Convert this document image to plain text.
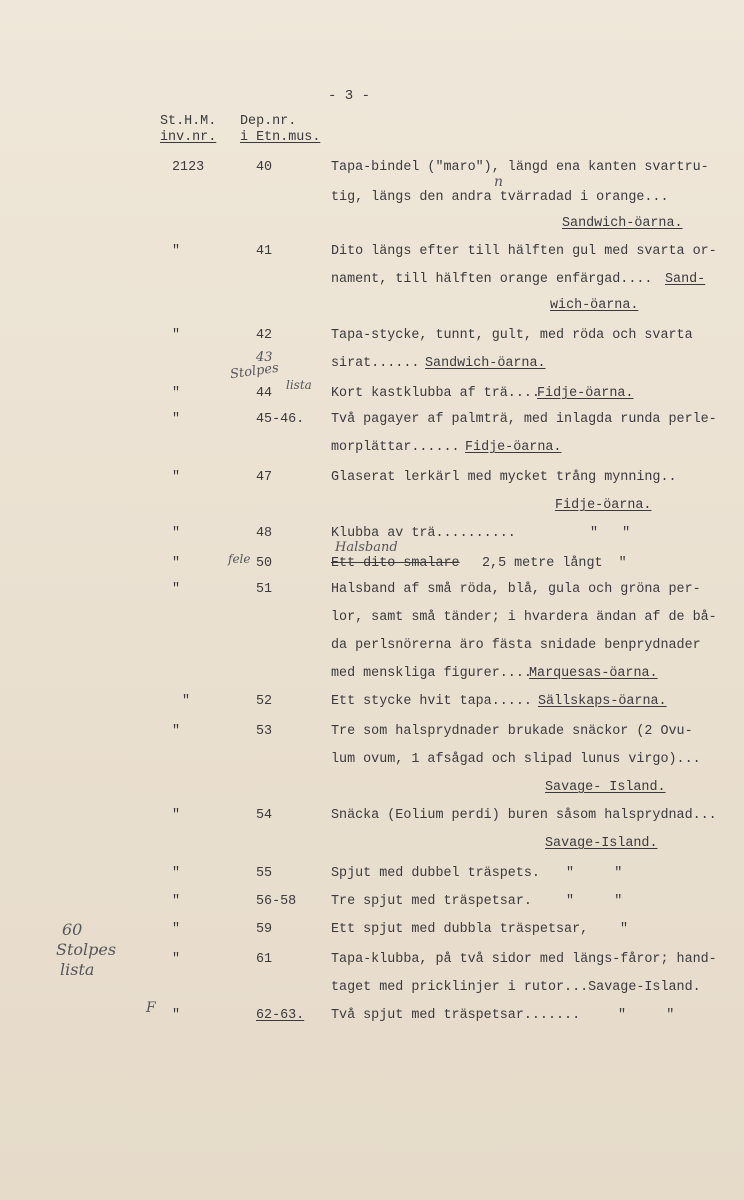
- 3 -
St.H.M.
inv.nr.
Dep.nr.
i Etn.mus.
2123	40	Tapa-bindel ("maro"), längd ena kanten svartru-
tig, längs den andra tvärradad i orange...
Sandwich-öarna.
n
"	41	Dito längs efter till hälften gul med svarta or-
nament, till hälften orange enfärgad.... Sand-
wich-öarna.
"	42	Tapa-stycke, tunnt, gult, med röda och svarta
sirat...... Sandwich-öarna.
43
Stolpes
lista
"	44	Kort kastklubba af trä....
Fidje-öarna.
"	45-46. Två pagayer af palmträ, med inlagda runda perle-
morplättar...... Fidje-öarna.
"	47	Glaserat lerkärl med mycket trång mynning..
Fidje-öarna.
"	48	Klubba av trä..........	"   "
Halsband
fele
"	50	Ett dito smalare 2,5 metre långt  "
"	51	Halsband af små röda, blå, gula och gröna per-
lor, samt små tänder; i hvardera ändan af de bå-
da perlsnörerna äro fästa snidade benprydnader
med menskliga figurer....
Marquesas-öarna.
"	52	Ett stycke hvit tapa..... Sällskaps-öarna.
"	53	Tre som halsprydnader brukade snäckor (2 Ovu-
lum ovum, 1 afsågad och slipad lunus virgo)...
Savage- Island.
"	54	Snäcka (Eolium perdi) buren såsom halsprydnad...
Savage-Island.
"	55	Spjut med dubbel träspets. "     "
"	56-58	Tre spjut med träspetsar.	"     "
"	59	Ett spjut med dubbla träspetsar, "
60
Stolpes
lista
"	61	Tapa-klubba, på två sidor med längs-fåror; hand-
taget med pricklinjer i rutor...Savage-Island.
F "	62-63. Två spjut med träspetsar.......	"     "
